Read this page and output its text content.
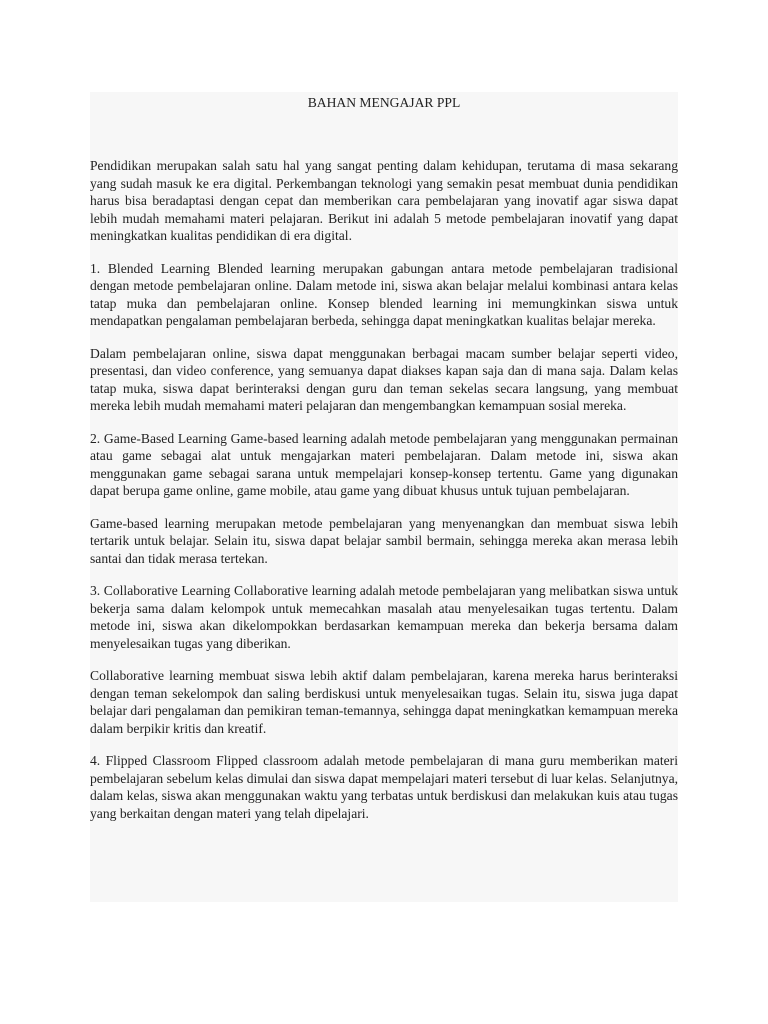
BAHAN MENGAJAR PPL

Pendidikan merupakan salah satu hal yang sangat penting dalam kehidupan, terutama di masa sekarang yang sudah masuk ke era digital. Perkembangan teknologi yang semakin pesat membuat dunia pendidikan harus bisa beradaptasi dengan cepat dan memberikan cara pembelajaran yang inovatif agar siswa dapat lebih mudah memahami materi pelajaran. Berikut ini adalah 5 metode pembelajaran inovatif yang dapat meningkatkan kualitas pendidikan di era digital.

1. Blended Learning Blended learning merupakan gabungan antara metode pembelajaran tradisional dengan metode pembelajaran online. Dalam metode ini, siswa akan belajar melalui kombinasi antara kelas tatap muka dan pembelajaran online. Konsep blended learning ini memungkinkan siswa untuk mendapatkan pengalaman pembelajaran berbeda, sehingga dapat meningkatkan kualitas belajar mereka.

Dalam pembelajaran online, siswa dapat menggunakan berbagai macam sumber belajar seperti video, presentasi, dan video conference, yang semuanya dapat diakses kapan saja dan di mana saja. Dalam kelas tatap muka, siswa dapat berinteraksi dengan guru dan teman sekelas secara langsung, yang membuat mereka lebih mudah memahami materi pelajaran dan mengembangkan kemampuan sosial mereka.

2. Game-Based Learning Game-based learning adalah metode pembelajaran yang menggunakan permainan atau game sebagai alat untuk mengajarkan materi pembelajaran. Dalam metode ini, siswa akan menggunakan game sebagai sarana untuk mempelajari konsep-konsep tertentu. Game yang digunakan dapat berupa game online, game mobile, atau game yang dibuat khusus untuk tujuan pembelajaran.

Game-based learning merupakan metode pembelajaran yang menyenangkan dan membuat siswa lebih tertarik untuk belajar. Selain itu, siswa dapat belajar sambil bermain, sehingga mereka akan merasa lebih santai dan tidak merasa tertekan.

3. Collaborative Learning Collaborative learning adalah metode pembelajaran yang melibatkan siswa untuk bekerja sama dalam kelompok untuk memecahkan masalah atau menyelesaikan tugas tertentu. Dalam metode ini, siswa akan dikelompokkan berdasarkan kemampuan mereka dan bekerja bersama dalam menyelesaikan tugas yang diberikan.

Collaborative learning membuat siswa lebih aktif dalam pembelajaran, karena mereka harus berinteraksi dengan teman sekelompok dan saling berdiskusi untuk menyelesaikan tugas. Selain itu, siswa juga dapat belajar dari pengalaman dan pemikiran teman-temannya, sehingga dapat meningkatkan kemampuan mereka dalam berpikir kritis dan kreatif.

4. Flipped Classroom Flipped classroom adalah metode pembelajaran di mana guru memberikan materi pembelajaran sebelum kelas dimulai dan siswa dapat mempelajari materi tersebut di luar kelas. Selanjutnya, dalam kelas, siswa akan menggunakan waktu yang terbatas untuk berdiskusi dan melakukan kuis atau tugas yang berkaitan dengan materi yang telah dipelajari.
